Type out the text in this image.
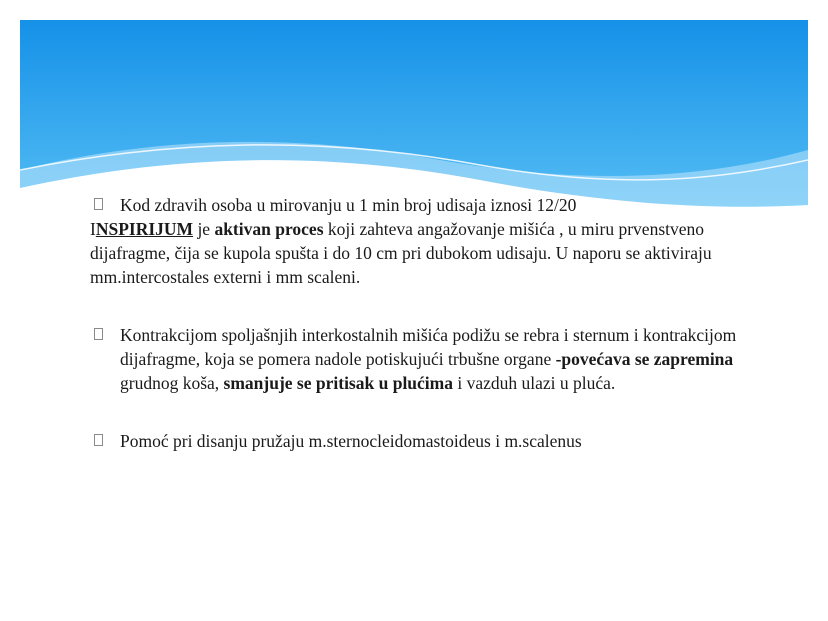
Kod zdravih osoba u mirovanju u 1 min broj udisaja iznosi 12/20

INSPIRIJUM je aktivan proces koji zahteva angažovanje mišića , u miru prvenstveno dijafragme, čija se kupola spušta i do 10 cm pri dubokom udisaju. U naporu se aktiviraju mm.intercostales externi i mm scaleni.

Kontrakcijom spoljašnjih interkostalnih mišića podižu se rebra i sternum i kontrakcijom dijafragme, koja se pomera nadole potiskujući trbušne organe -povećava se zapremina grudnog koša, smanjuje se pritisak u plućima i vazduh ulazi u pluća.

Pomoć pri disanju pružaju m.sternocleidomastoideus i m.scalenus
